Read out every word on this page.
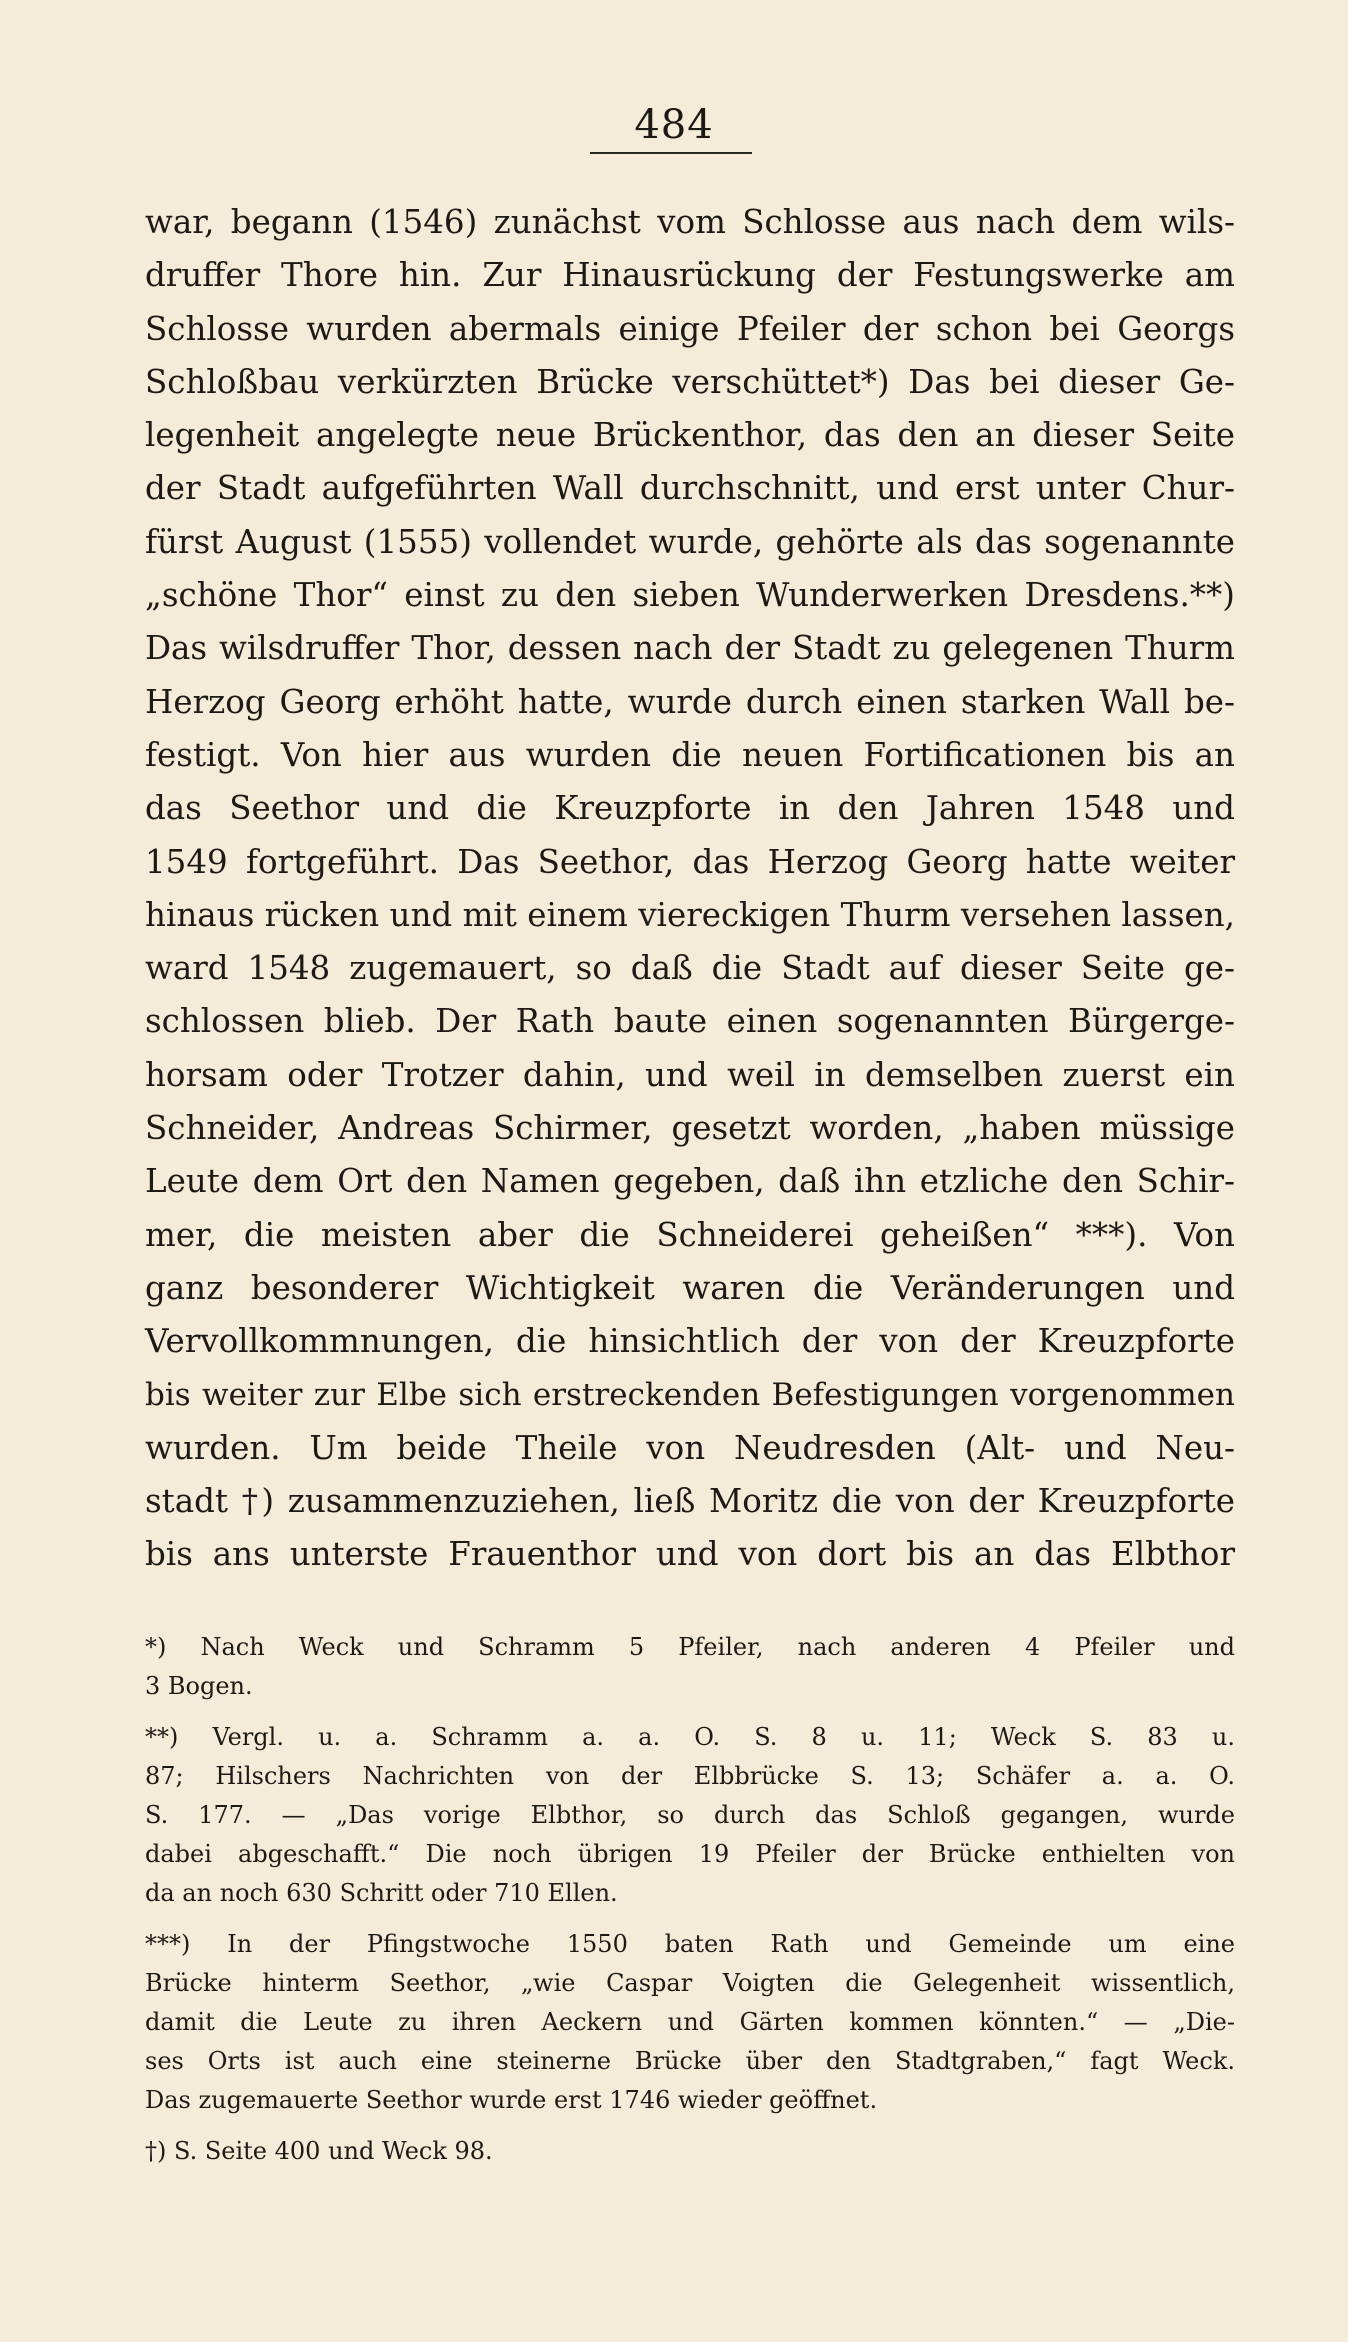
484
war, begann (1546) zunächst vom Schlosse aus nach dem wils-
druffer Thore hin. Zur Hinausrückung der Festungswerke am
Schlosse wurden abermals einige Pfeiler der schon bei Georgs
Schloßbau verkürzten Brücke verschüttet*) Das bei dieser Ge-
legenheit angelegte neue Brückenthor, das den an dieser Seite
der Stadt aufgeführten Wall durchschnitt, und erst unter Chur-
fürst August (1555) vollendet wurde, gehörte als das sogenannte
„schöne Thor“ einst zu den sieben Wunderwerken Dresdens.**)
Das wilsdruffer Thor, dessen nach der Stadt zu gelegenen Thurm
Herzog Georg erhöht hatte, wurde durch einen starken Wall be-
festigt. Von hier aus wurden die neuen Fortificationen bis an
das Seethor und die Kreuzpforte in den Jahren 1548 und
1549 fortgeführt. Das Seethor, das Herzog Georg hatte weiter
hinaus rücken und mit einem viereckigen Thurm versehen lassen,
ward 1548 zugemauert, so daß die Stadt auf dieser Seite ge-
schlossen blieb. Der Rath baute einen sogenannten Bürgerge-
horsam oder Trotzer dahin, und weil in demselben zuerst ein
Schneider, Andreas Schirmer, gesetzt worden, „haben müssige
Leute dem Ort den Namen gegeben, daß ihn etzliche den Schir-
mer, die meisten aber die Schneiderei geheißen“ ***). Von
ganz besonderer Wichtigkeit waren die Veränderungen und
Vervollkommnungen, die hinsichtlich der von der Kreuzpforte
bis weiter zur Elbe sich erstreckenden Befestigungen vorgenommen
wurden. Um beide Theile von Neudresden (Alt- und Neu-
stadt †) zusammenzuziehen, ließ Moritz die von der Kreuzpforte
bis ans unterste Frauenthor und von dort bis an das Elbthor
*) Nach Weck und Schramm 5 Pfeiler, nach anderen 4 Pfeiler und
3 Bogen.
**) Vergl. u. a. Schramm a. a. O. S. 8 u. 11; Weck S. 83 u.
87; Hilschers Nachrichten von der Elbbrücke S. 13; Schäfer a. a. O.
S. 177. — „Das vorige Elbthor, so durch das Schloß gegangen, wurde
dabei abgeschafft.“ Die noch übrigen 19 Pfeiler der Brücke enthielten von
da an noch 630 Schritt oder 710 Ellen.
***) In der Pfingstwoche 1550 baten Rath und Gemeinde um eine
Brücke hinterm Seethor, „wie Caspar Voigten die Gelegenheit wissentlich,
damit die Leute zu ihren Aeckern und Gärten kommen könnten.“ — „Die-
ses Orts ist auch eine steinerne Brücke über den Stadtgraben,“ fagt Weck.
Das zugemauerte Seethor wurde erst 1746 wieder geöffnet.
†) S. Seite 400 und Weck 98.
